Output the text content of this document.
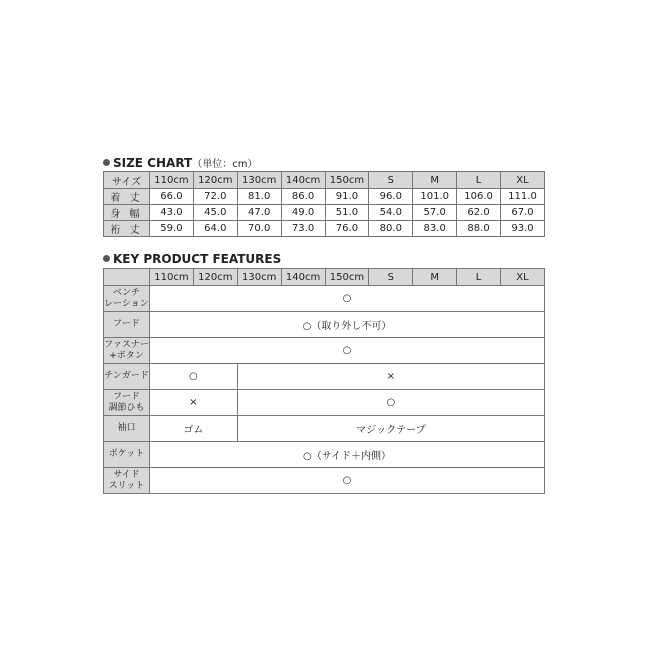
SIZE CHART（単位：cm）
サイズ	110cm	120cm	130cm	140cm	150cm	S	M	L	XL
着 丈	66.0	72.0	81.0	86.0	91.0	96.0	101.0	106.0	111.0
身 幅	43.0	45.0	47.0	49.0	51.0	54.0	57.0	62.0	67.0
裄 丈	59.0	64.0	70.0	73.0	76.0	80.0	83.0	88.0	93.0
KEY PRODUCT FEATURES
	110cm	120cm	130cm	140cm	150cm	S	M	L	XL
ベンチ
レーション	○								
フード	○（取り外し不可）								
ファスナー
+ボタン	○								
チンガード	○		×						
フード
調節ひも	×		○						
袖口	ゴム		マジックテープ						
ポケット	○（サイド＋内側）								
サイド
スリット	○								
